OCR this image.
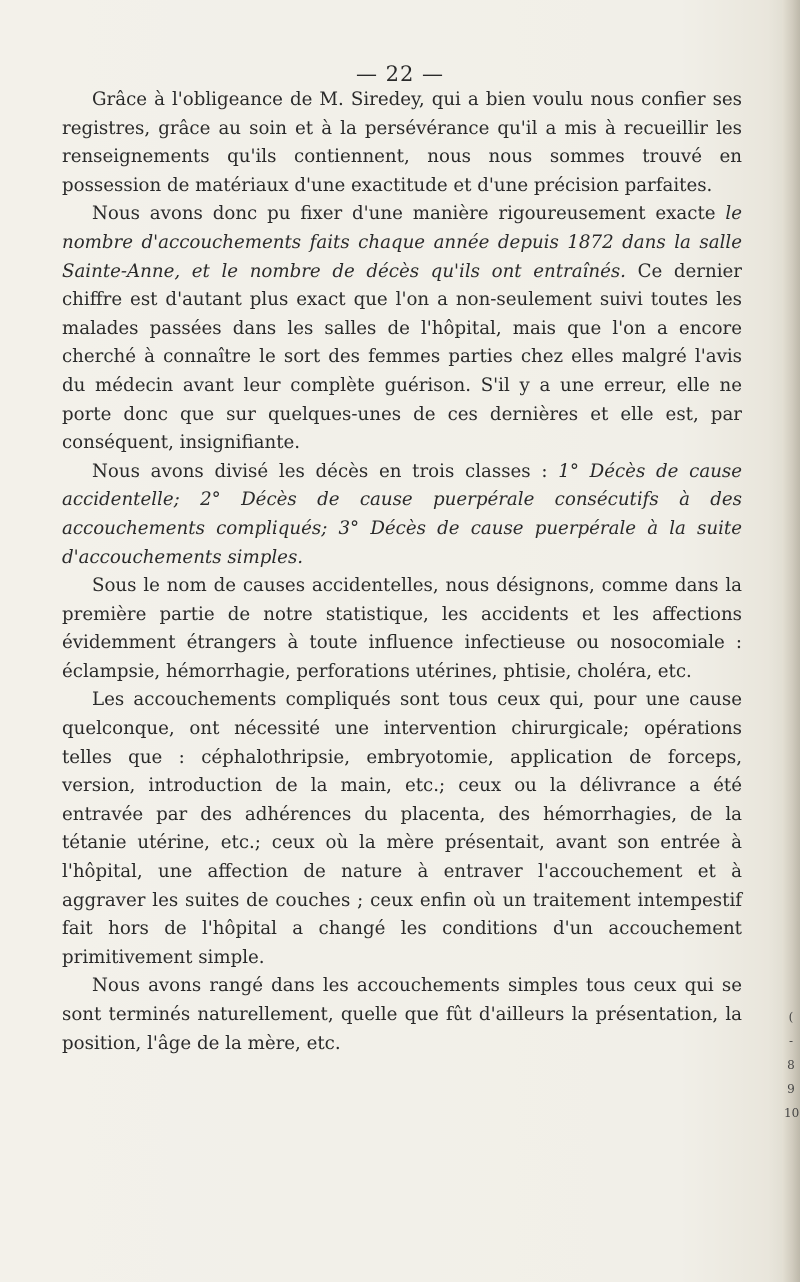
— 22 —

Grâce à l'obligeance de M. Siredey, qui a bien voulu nous confier ses registres, grâce au soin et à la persévérance qu'il a mis à recueillir les renseignements qu'ils contiennent, nous nous sommes trouvé en possession de matériaux d'une exactitude et d'une précision parfaites.

Nous avons donc pu fixer d'une manière rigoureusement exacte le nombre d'accouchements faits chaque année depuis 1872 dans la salle Sainte-Anne, et le nombre de décès qu'ils ont entraînés. Ce dernier chiffre est d'autant plus exact que l'on a non-seulement suivi toutes les malades passées dans les salles de l'hôpital, mais que l'on a encore cherché à connaître le sort des femmes parties chez elles malgré l'avis du médecin avant leur complète guérison. S'il y a une erreur, elle ne porte donc que sur quelques-unes de ces dernières et elle est, par conséquent, insignifiante.

Nous avons divisé les décès en trois classes : 1° Décès de cause accidentelle; 2° Décès de cause puerpérale consécutifs à des accouchements compliqués; 3° Décès de cause puerpérale à la suite d'accouchements simples.

Sous le nom de causes accidentelles, nous désignons, comme dans la première partie de notre statistique, les accidents et les affections évidemment étrangers à toute influence infectieuse ou nosocomiale : éclampsie, hémorrhagie, perforations utérines, phtisie, choléra, etc.

Les accouchements compliqués sont tous ceux qui, pour une cause quelconque, ont nécessité une intervention chirurgicale; opérations telles que : céphalothripsie, embryotomie, application de forceps, version, introduction de la main, etc.; ceux ou la délivrance a été entravée par des adhérences du placenta, des hémorrhagies, de la tétanie utérine, etc.; ceux où la mère présentait, avant son entrée à l'hôpital, une affection de nature à entraver l'accouchement et à aggraver les suites de couches ; ceux enfin où un traitement intempestif fait hors de l'hôpital a changé les conditions d'un accouchement primitivement simple.

Nous avons rangé dans les accouchements simples tous ceux qui se sont terminés naturellement, quelle que fût d'ailleurs la présentation, la position, l'âge de la mère, etc.

(
-
8
9
10
